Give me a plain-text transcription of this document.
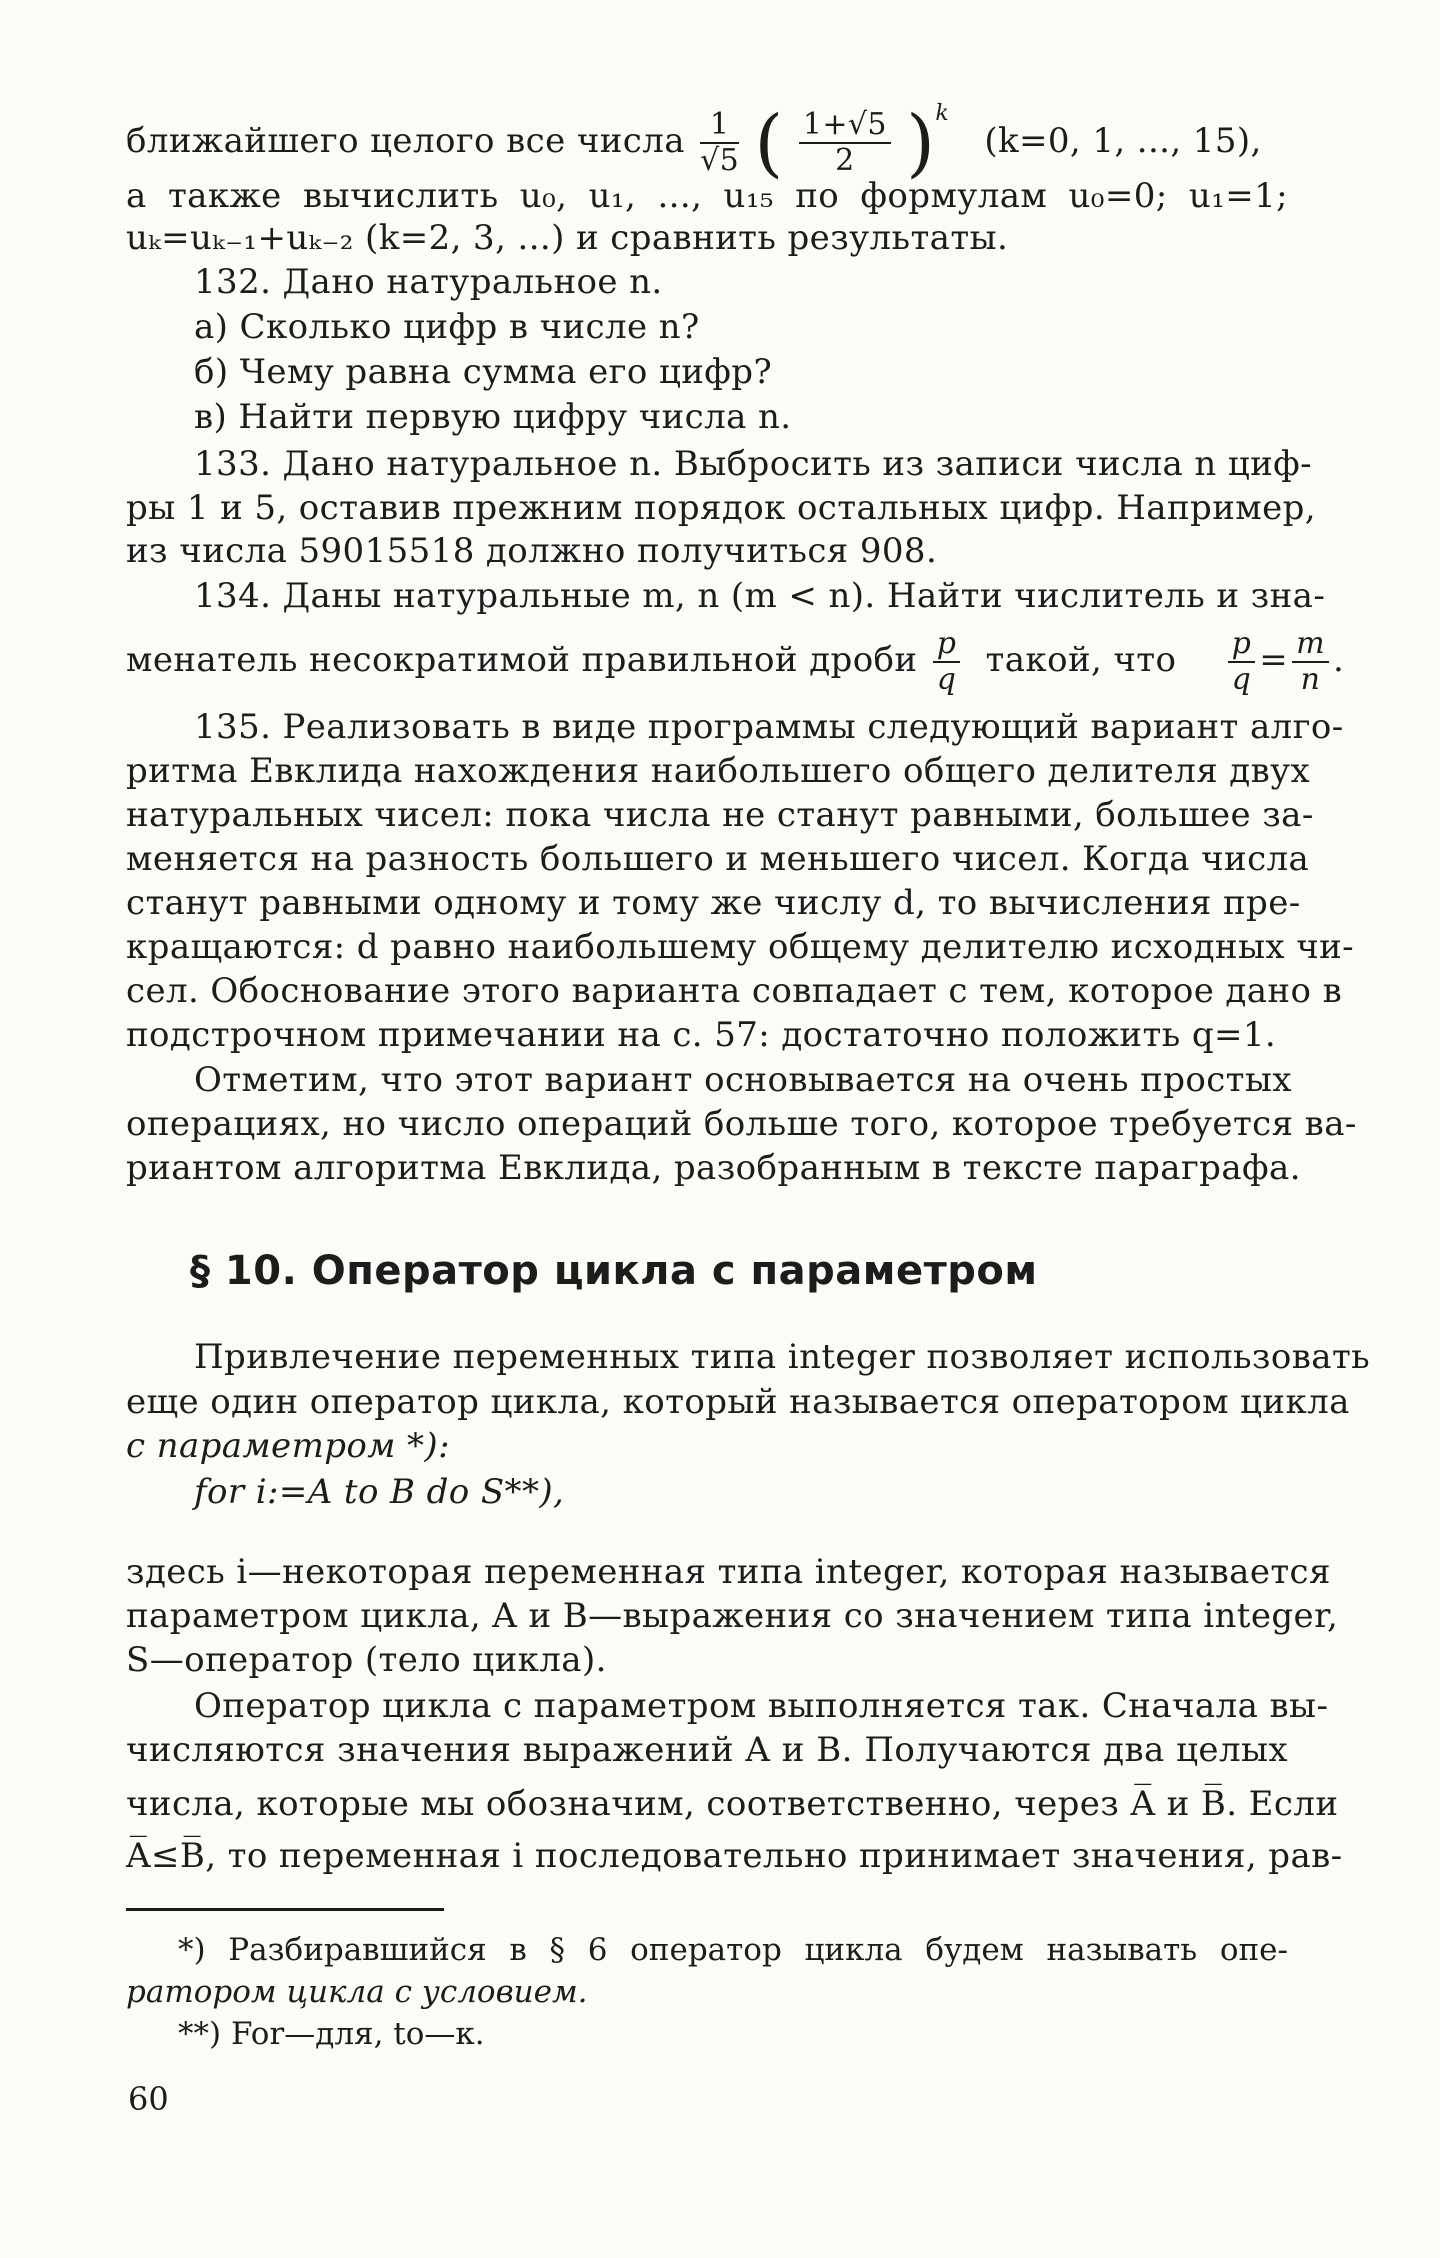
ближайшего целого все числа $\frac{1}{√5}$ ( $\frac{1+√5}{2} )^k$ (k=0, 1, ..., 15),
а также вычислить u₀, u₁, ..., u₁₅ по формулам u₀=0; u₁=1;
uₖ=uₖ₋₁+uₖ₋₂ (k=2, 3, ...) и сравнить результаты.
132. Дано натуральное n.
а) Сколько цифр в числе n?
б) Чему равна сумма его цифр?
в) Найти первую цифру числа n.
133. Дано натуральное n. Выбросить из записи числа n циф-
ры 1 и 5, оставив прежним порядок остальных цифр. Например,
из числа 59015518 должно получиться 908.
134. Даны натуральные m, n (m < n). Найти числитель и зна-
менатель несократимой правильной дроби $\frac{p}{q}$ такой, что $\frac{p}{q} = \frac{m}{n}$ .
135. Реализовать в виде программы следующий вариант алго-
ритма Евклида нахождения наибольшего общего делителя двух
натуральных чисел: пока числа не станут равными, большее за-
меняется на разность большего и меньшего чисел. Когда числа
станут равными одному и тому же числу d, то вычисления пре-
кращаются: d равно наибольшему общему делителю исходных чи-
сел. Обоснование этого варианта совпадает с тем, которое дано в
подстрочном примечании на с. 57: достаточно положить q=1.
Отметим, что этот вариант основывается на очень простых
операциях, но число операций больше того, которое требуется ва-
риантом алгоритма Евклида, разобранным в тексте параграфа.
§ 10. Оператор цикла с параметром
Привлечение переменных типа integer позволяет использовать
еще один оператор цикла, который называется оператором цикла
с параметром *):
for i:=A to B do S**),
здесь i—некоторая переменная типа integer, которая называется
параметром цикла, A и B—выражения со значением типа integer,
S—оператор (тело цикла).
Оператор цикла с параметром выполняется так. Сначала вы-
числяются значения выражений A и B. Получаются два целых
числа, которые мы обозначим, соответственно, через A̅ и B̅. Если
A̅≤B̅, то переменная i последовательно принимает значения, рав-
*) Разбиравшийся в § 6 оператор цикла будем называть опе-
ратором цикла с условием.
**) For—для, to—к.
60
